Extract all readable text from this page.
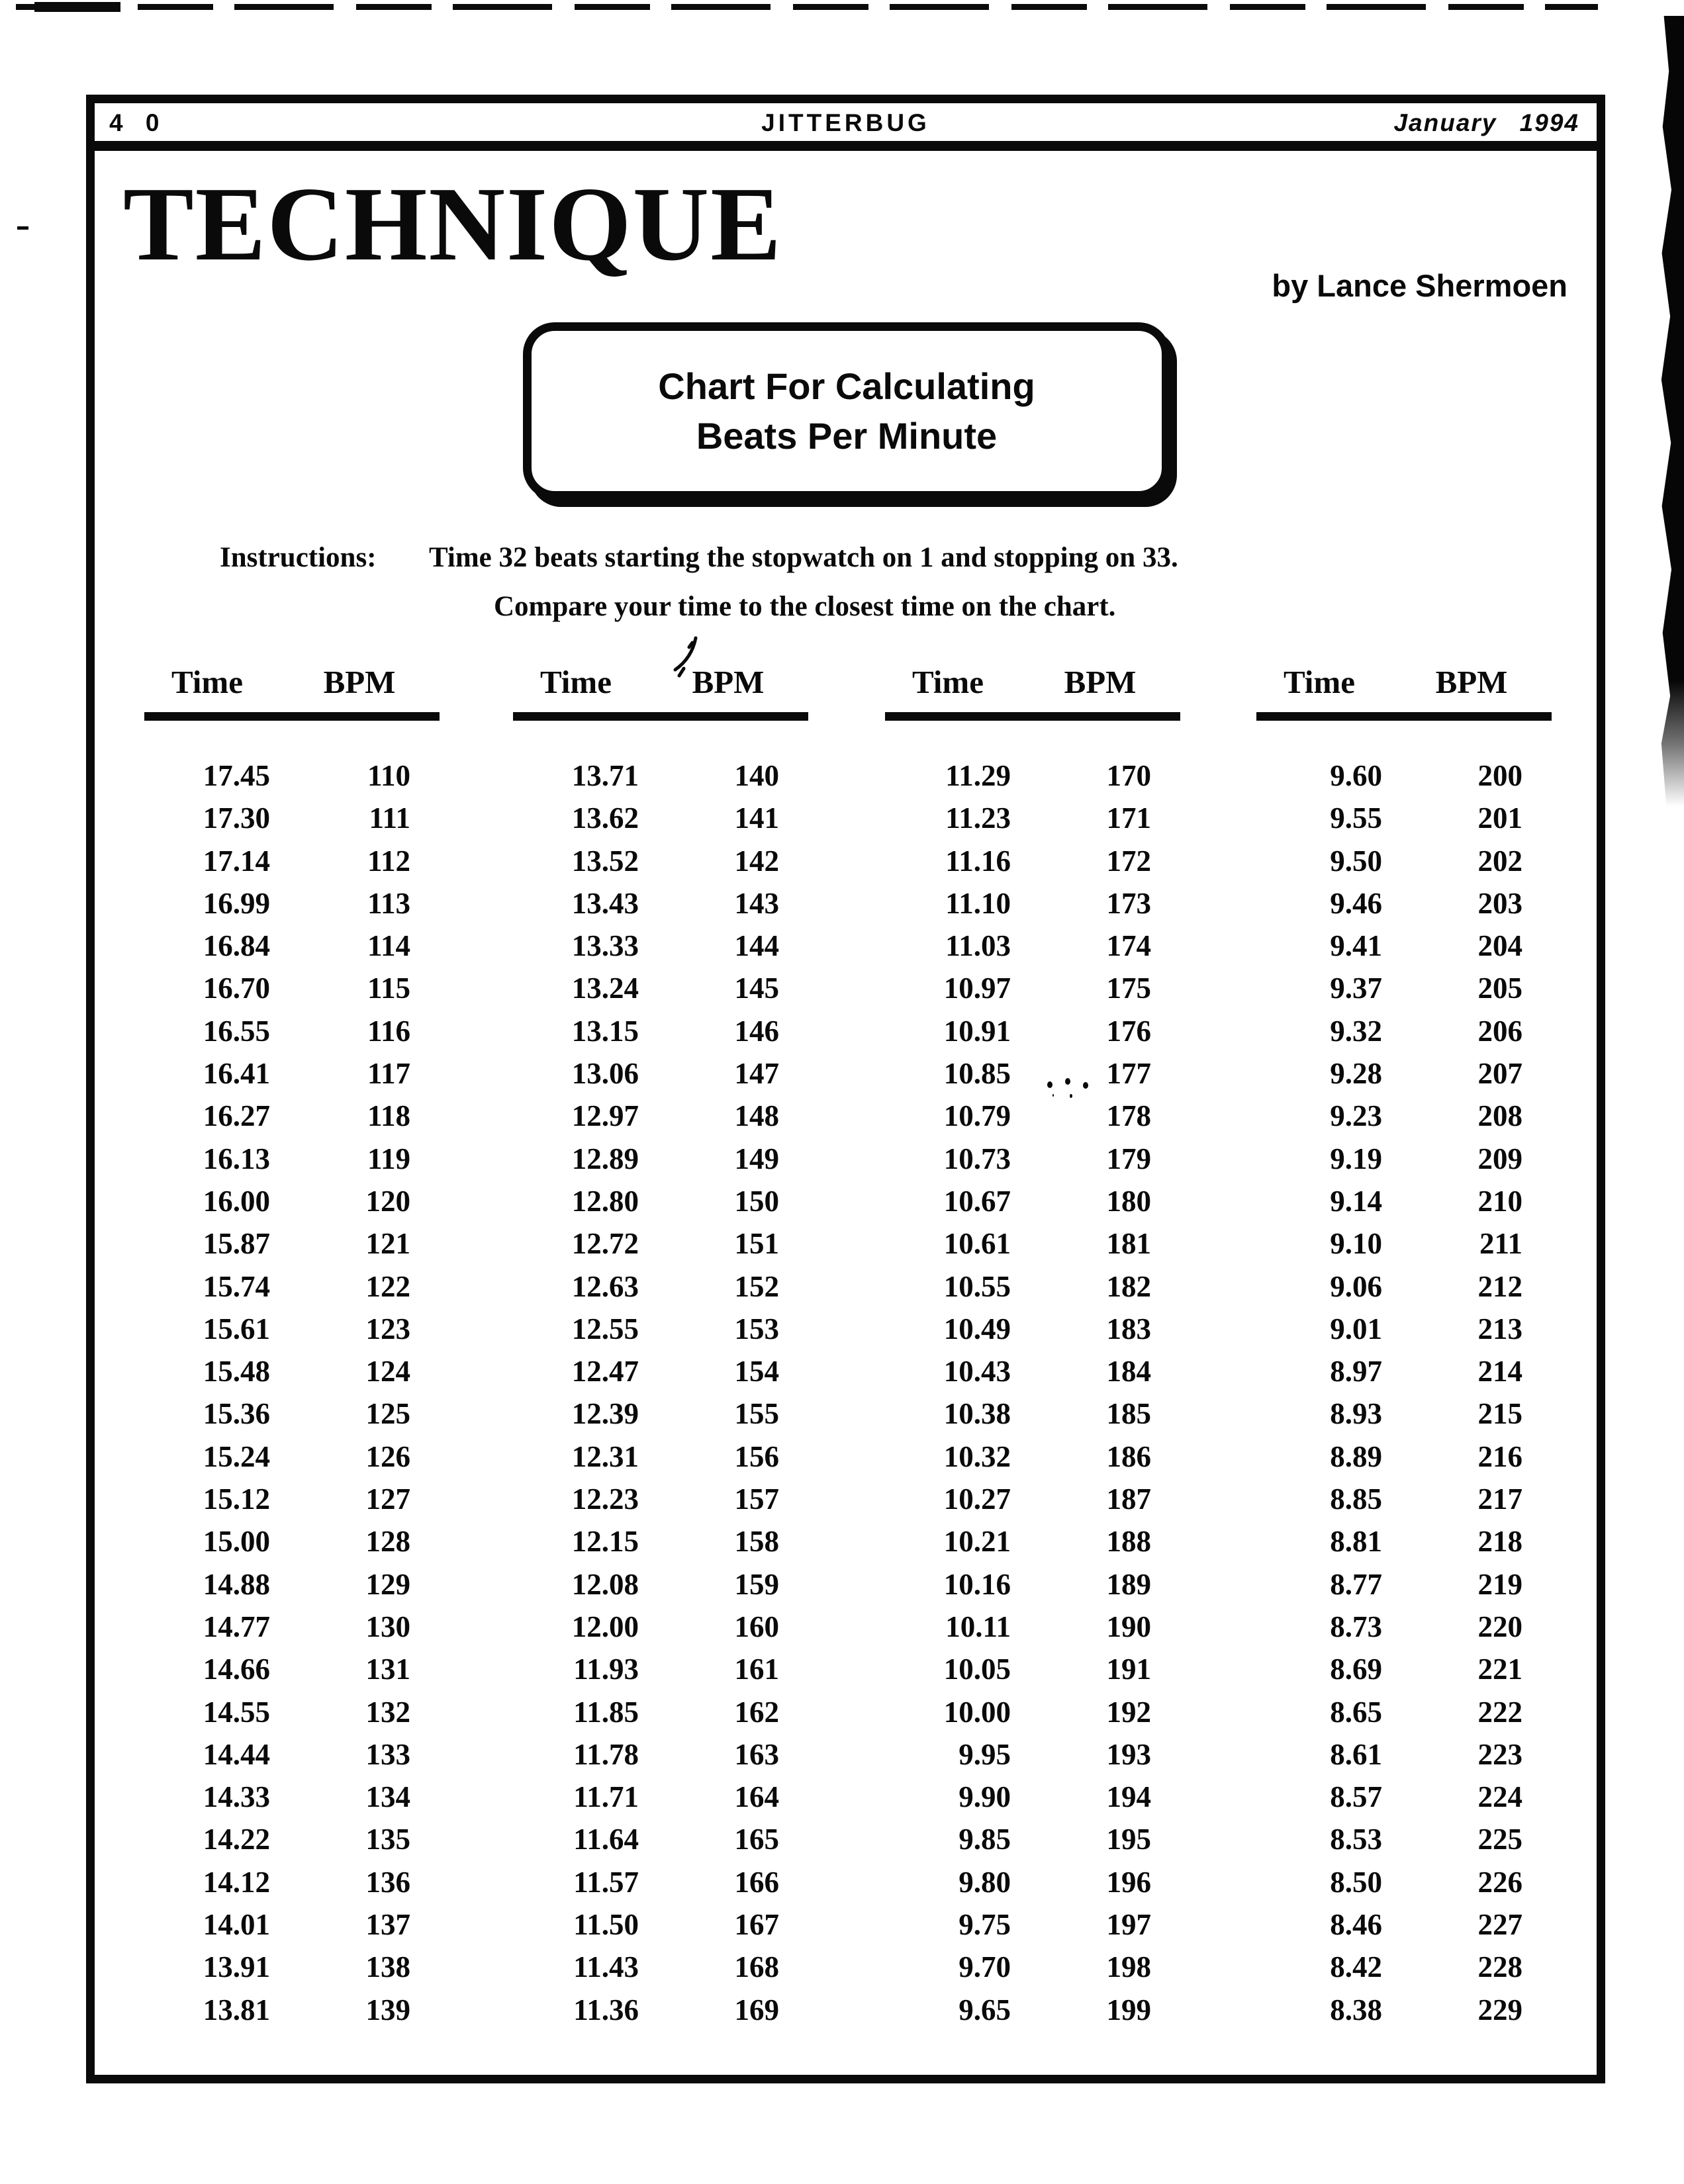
4 0	JITTERBUG	January 1994
TECHNIQUE
by Lance Shermoen
Chart For Calculating
Beats Per Minute
Instructions: Time 32 beats starting the stopwatch on 1 and stopping on 33.
Compare your time to the closest time on the chart.
Time	BPM
17.45	110
17.30	111
17.14	112
16.99	113
16.84	114
16.70	115
16.55	116
16.41	117
16.27	118
16.13	119
16.00	120
15.87	121
15.74	122
15.61	123
15.48	124
15.36	125
15.24	126
15.12	127
15.00	128
14.88	129
14.77	130
14.66	131
14.55	132
14.44	133
14.33	134
14.22	135
14.12	136
14.01	137
13.91	138
13.81	139
Time	BPM
13.71	140
13.62	141
13.52	142
13.43	143
13.33	144
13.24	145
13.15	146
13.06	147
12.97	148
12.89	149
12.80	150
12.72	151
12.63	152
12.55	153
12.47	154
12.39	155
12.31	156
12.23	157
12.15	158
12.08	159
12.00	160
11.93	161
11.85	162
11.78	163
11.71	164
11.64	165
11.57	166
11.50	167
11.43	168
11.36	169
Time	BPM
11.29	170
11.23	171
11.16	172
11.10	173
11.03	174
10.97	175
10.91	176
10.85	177
10.79	178
10.73	179
10.67	180
10.61	181
10.55	182
10.49	183
10.43	184
10.38	185
10.32	186
10.27	187
10.21	188
10.16	189
10.11	190
10.05	191
10.00	192
9.95	193
9.90	194
9.85	195
9.80	196
9.75	197
9.70	198
9.65	199
Time	BPM
9.60	200
9.55	201
9.50	202
9.46	203
9.41	204
9.37	205
9.32	206
9.28	207
9.23	208
9.19	209
9.14	210
9.10	211
9.06	212
9.01	213
8.97	214
8.93	215
8.89	216
8.85	217
8.81	218
8.77	219
8.73	220
8.69	221
8.65	222
8.61	223
8.57	224
8.53	225
8.50	226
8.46	227
8.42	228
8.38	229
